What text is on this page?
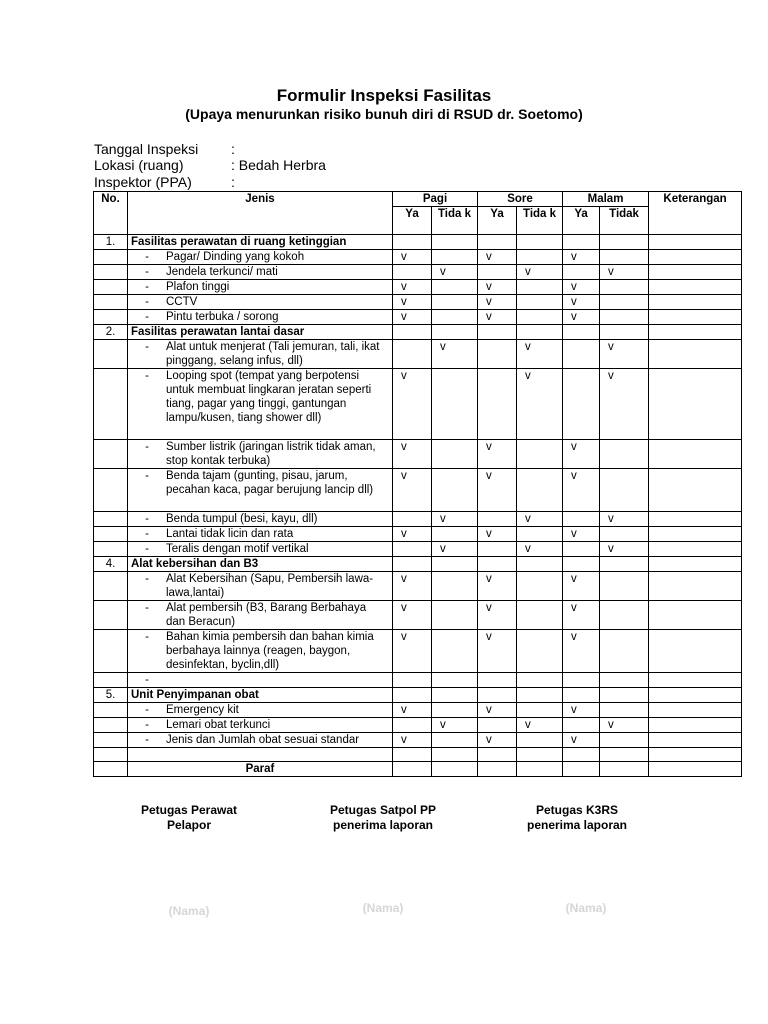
Formulir Inspeksi Fasilitas
(Upaya menurunkan risiko bunuh diri di RSUD dr. Soetomo)
Tanggal Inspeksi :
Lokasi (ruang)	: Bedah Herbra
Inspektor (PPA)	:
No.	Jenis	Pagi		Sore		Malam		Keterangan
		Ya	Tida k	Ya	Tida k	Ya	Tidak	
1.	Fasilitas perawatan di ruang ketinggian							

	- Pagar/ Dinding yang kokoh	v		v		v		

	- Jendela terkunci/ mati		v		v		v	

	- Plafon tinggi	v		v		v		

	- CCTV	v		v		v		

	- Pintu terbuka / sorong	v		v		v		
2.	Fasilitas perawatan lantai dasar							

	- Alat untuk menjerat (Tali jemuran, tali, ikat pinggang, selang infus, dll)		v		v		v	

	- Looping spot (tempat yang berpotensi untuk membuat lingkaran jeratan seperti tiang, pagar yang tinggi, gantungan lampu/kusen, tiang shower dll)	v			v		v	

	- Sumber listrik (jaringan listrik tidak aman, stop kontak terbuka)	v		v		v		

	- Benda tajam (gunting, pisau, jarum, pecahan kaca, pagar berujung lancip dll)	v		v		v		

	- Benda tumpul (besi, kayu, dll)		v		v		v	

	- Lantai tidak licin dan rata	v		v		v		

	- Teralis dengan motif vertikal		v		v		v	
4.	Alat kebersihan dan B3							

	- Alat Kebersihan (Sapu, Pembersih lawa-lawa,lantai)	v		v		v		

	- Alat pembersih (B3, Barang Berbahaya dan Beracun)	v		v		v		

	- Bahan kimia pembersih dan bahan kimia berbahaya lainnya (reagen, baygon, desinfektan, byclin,dll)	v		v		v		

	-							

5.	Unit Penyimpanan obat							

	- Emergency kit	v		v		v		

	- Lemari obat terkunci		v		v		v	

	- Jenis dan Jumlah obat sesuai standar	v		v		v		

	Paraf							
Petugas Perawat
Pelapor
Petugas Satpol PP
penerima laporan
Petugas K3RS
penerima laporan
(Nama)	(Nama)	(Nama)
